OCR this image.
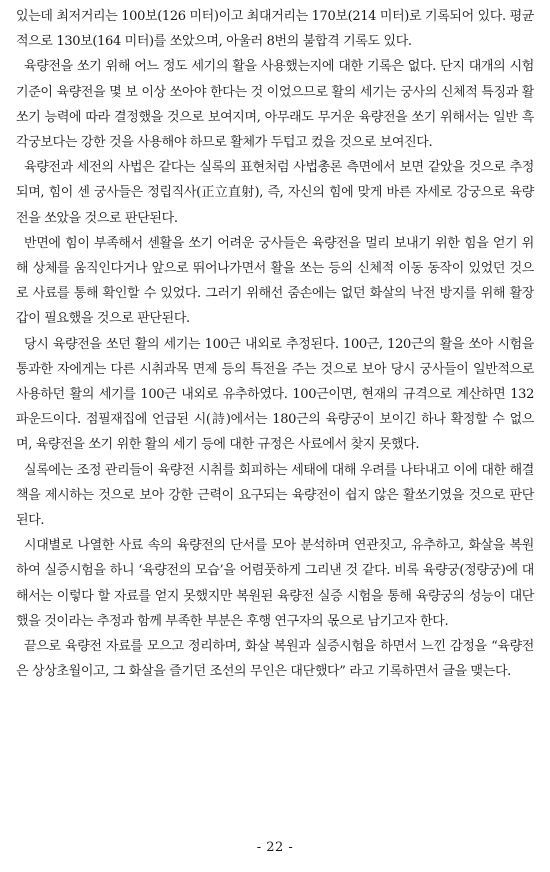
있는데 최저거리는 100보(126 미터)이고 최대거리는 170보(214 미터)로 기록되어 있다. 평균적으로 130보(164 미터)를 쏘았으며, 아울러 8번의 불합격 기록도 있다.

육량전을 쏘기 위해 어느 정도 세기의 활을 사용했는지에 대한 기록은 없다. 단지 대개의 시험 기준이 육량전을 몇 보 이상 쏘아야 한다는 것 이었으므로 활의 세기는 궁사의 신체적 특징과 활쏘기 능력에 따라 결정했을 것으로 보여지며, 아무래도 무거운 육량전을 쏘기 위해서는 일반 흑각궁보다는 강한 것을 사용해야 하므로 활체가 두텁고 컸을 것으로 보여진다.

육량전과 세전의 사법은 같다는 실록의 표현처럼 사법총론 측면에서 보면 같았을 것으로 추정되며, 힘이 센 궁사들은 정립직사(正立直射), 즉, 자신의 힘에 맞게 바른 자세로 강궁으로 육량전을 쏘았을 것으로 판단된다.

반면에 힘이 부족해서 센활을 쏘기 어려운 궁사들은 육량전을 멀리 보내기 위한 힘을 얻기 위해 상체를 움직인다거나 앞으로 뛰어나가면서 활을 쏘는 등의 신체적 이동 동작이 있었던 것으로 사료를 통해 확인할 수 있었다. 그러기 위해선 줌손에는 없던 화살의 낙전 방지를 위해 활장갑이 필요했을 것으로 판단된다.

당시 육량전을 쏘던 활의 세기는 100근 내외로 추정된다. 100근, 120근의 활을 쏘아 시험을 통과한 자에게는 다른 시취과목 면제 등의 특전을 주는 것으로 보아 당시 궁사들이 일반적으로 사용하던 활의 세기를 100근 내외로 유추하였다. 100근이면, 현재의 규격으로 계산하면 132파운드이다. 점필재집에 언급된 시(詩)에서는 180근의 육량궁이 보이긴 하나 확정할 수 없으며, 육량전을 쏘기 위한 활의 세기 등에 대한 규정은 사료에서 찾지 못했다.

실록에는 조정 관리들이 육량전 시취를 회피하는 세태에 대해 우려를 나타내고 이에 대한 해결책을 제시하는 것으로 보아 강한 근력이 요구되는 육량전이 쉽지 않은 활쏘기였을 것으로 판단된다.

시대별로 나열한 사료 속의 육량전의 단서를 모아 분석하며 연관짓고, 유추하고, 화살을 복원하여 실증시험을 하니 ‘육량전의 모습’을 어렴풋하게 그리낸 것 같다. 비록 육량궁(정량궁)에 대해서는 이렇다 할 자료를 얻지 못했지만 복원된 육량전 실증 시험을 통해 육량궁의 성능이 대단했을 것이라는 추정과 함께 부족한 부분은 후행 연구자의 몫으로 남기고자 한다.

끝으로 육량전 자료를 모으고 정리하며, 화살 복원과 실증시험을 하면서 느낀 감정을 “육량전은 상상초월이고, 그 화살을 즐기던 조선의 무인은 대단했다” 라고 기록하면서 글을 맺는다.

- 22 -
